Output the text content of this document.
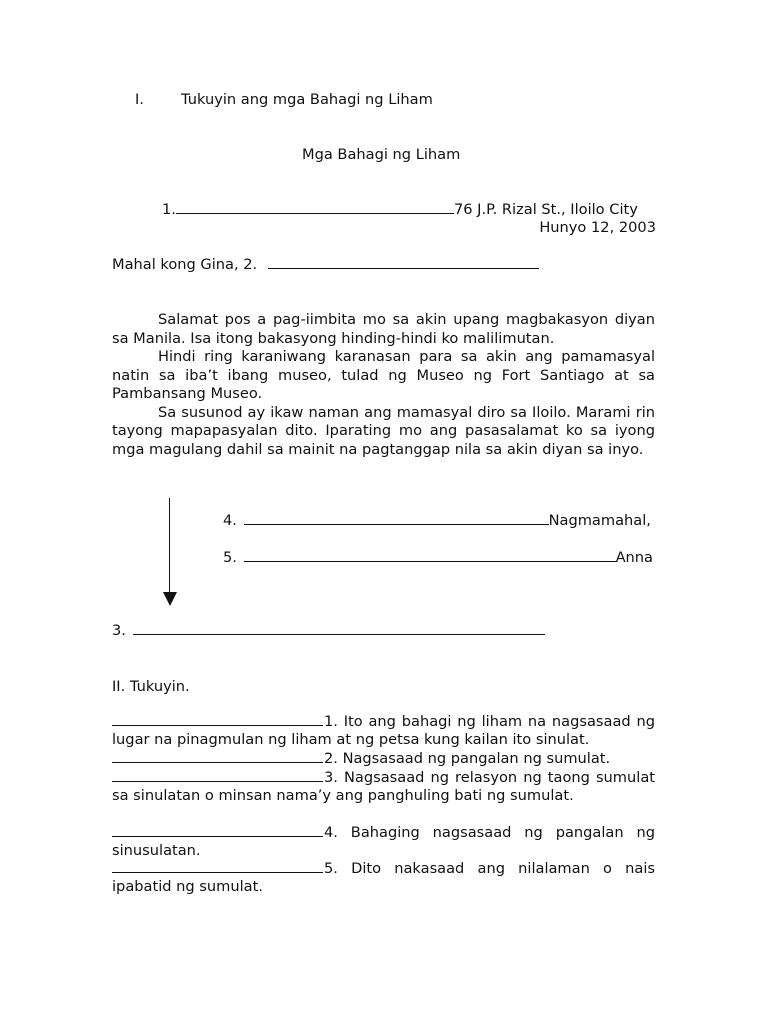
I.	Tukuyin ang mga Bahagi ng Liham
Mga Bahagi ng Liham
1.	76 J.P. Rizal St., Iloilo City
Hunyo 12, 2003
Mahal kong Gina, 2.

Salamat pos a pag-iimbita mo sa akin upang magbakasyon diyan sa Manila. Isa itong bakasyong hinding-hindi ko malilimutan.

Hindi ring karaniwang karanasan para sa akin ang pamamasyal natin sa iba’t ibang museo, tulad ng Museo ng Fort Santiago at sa Pambansang Museo.

Sa susunod ay ikaw naman ang mamasyal diro sa Iloilo. Marami rin tayong mapapasyalan dito. Iparating mo ang pasasalamat ko sa iyong mga magulang dahil sa mainit na pagtanggap nila sa akin diyan sa inyo.

4.	Nagmamahal,
5.	Anna
3.
II. Tukuyin.
1. Ito ang bahagi ng liham na nagsasaad ng lugar na pinagmulan ng liham at ng petsa kung kailan ito sinulat.
2. Nagsasaad ng pangalan ng sumulat.
3. Nagsasaad ng relasyon ng taong sumulat sa sinulatan o minsan nama’y ang panghuling bati ng sumulat.
4. Bahaging nagsasaad ng pangalan ng sinusulatan.
5. Dito nakasaad ang nilalaman o nais ipabatid ng sumulat.
